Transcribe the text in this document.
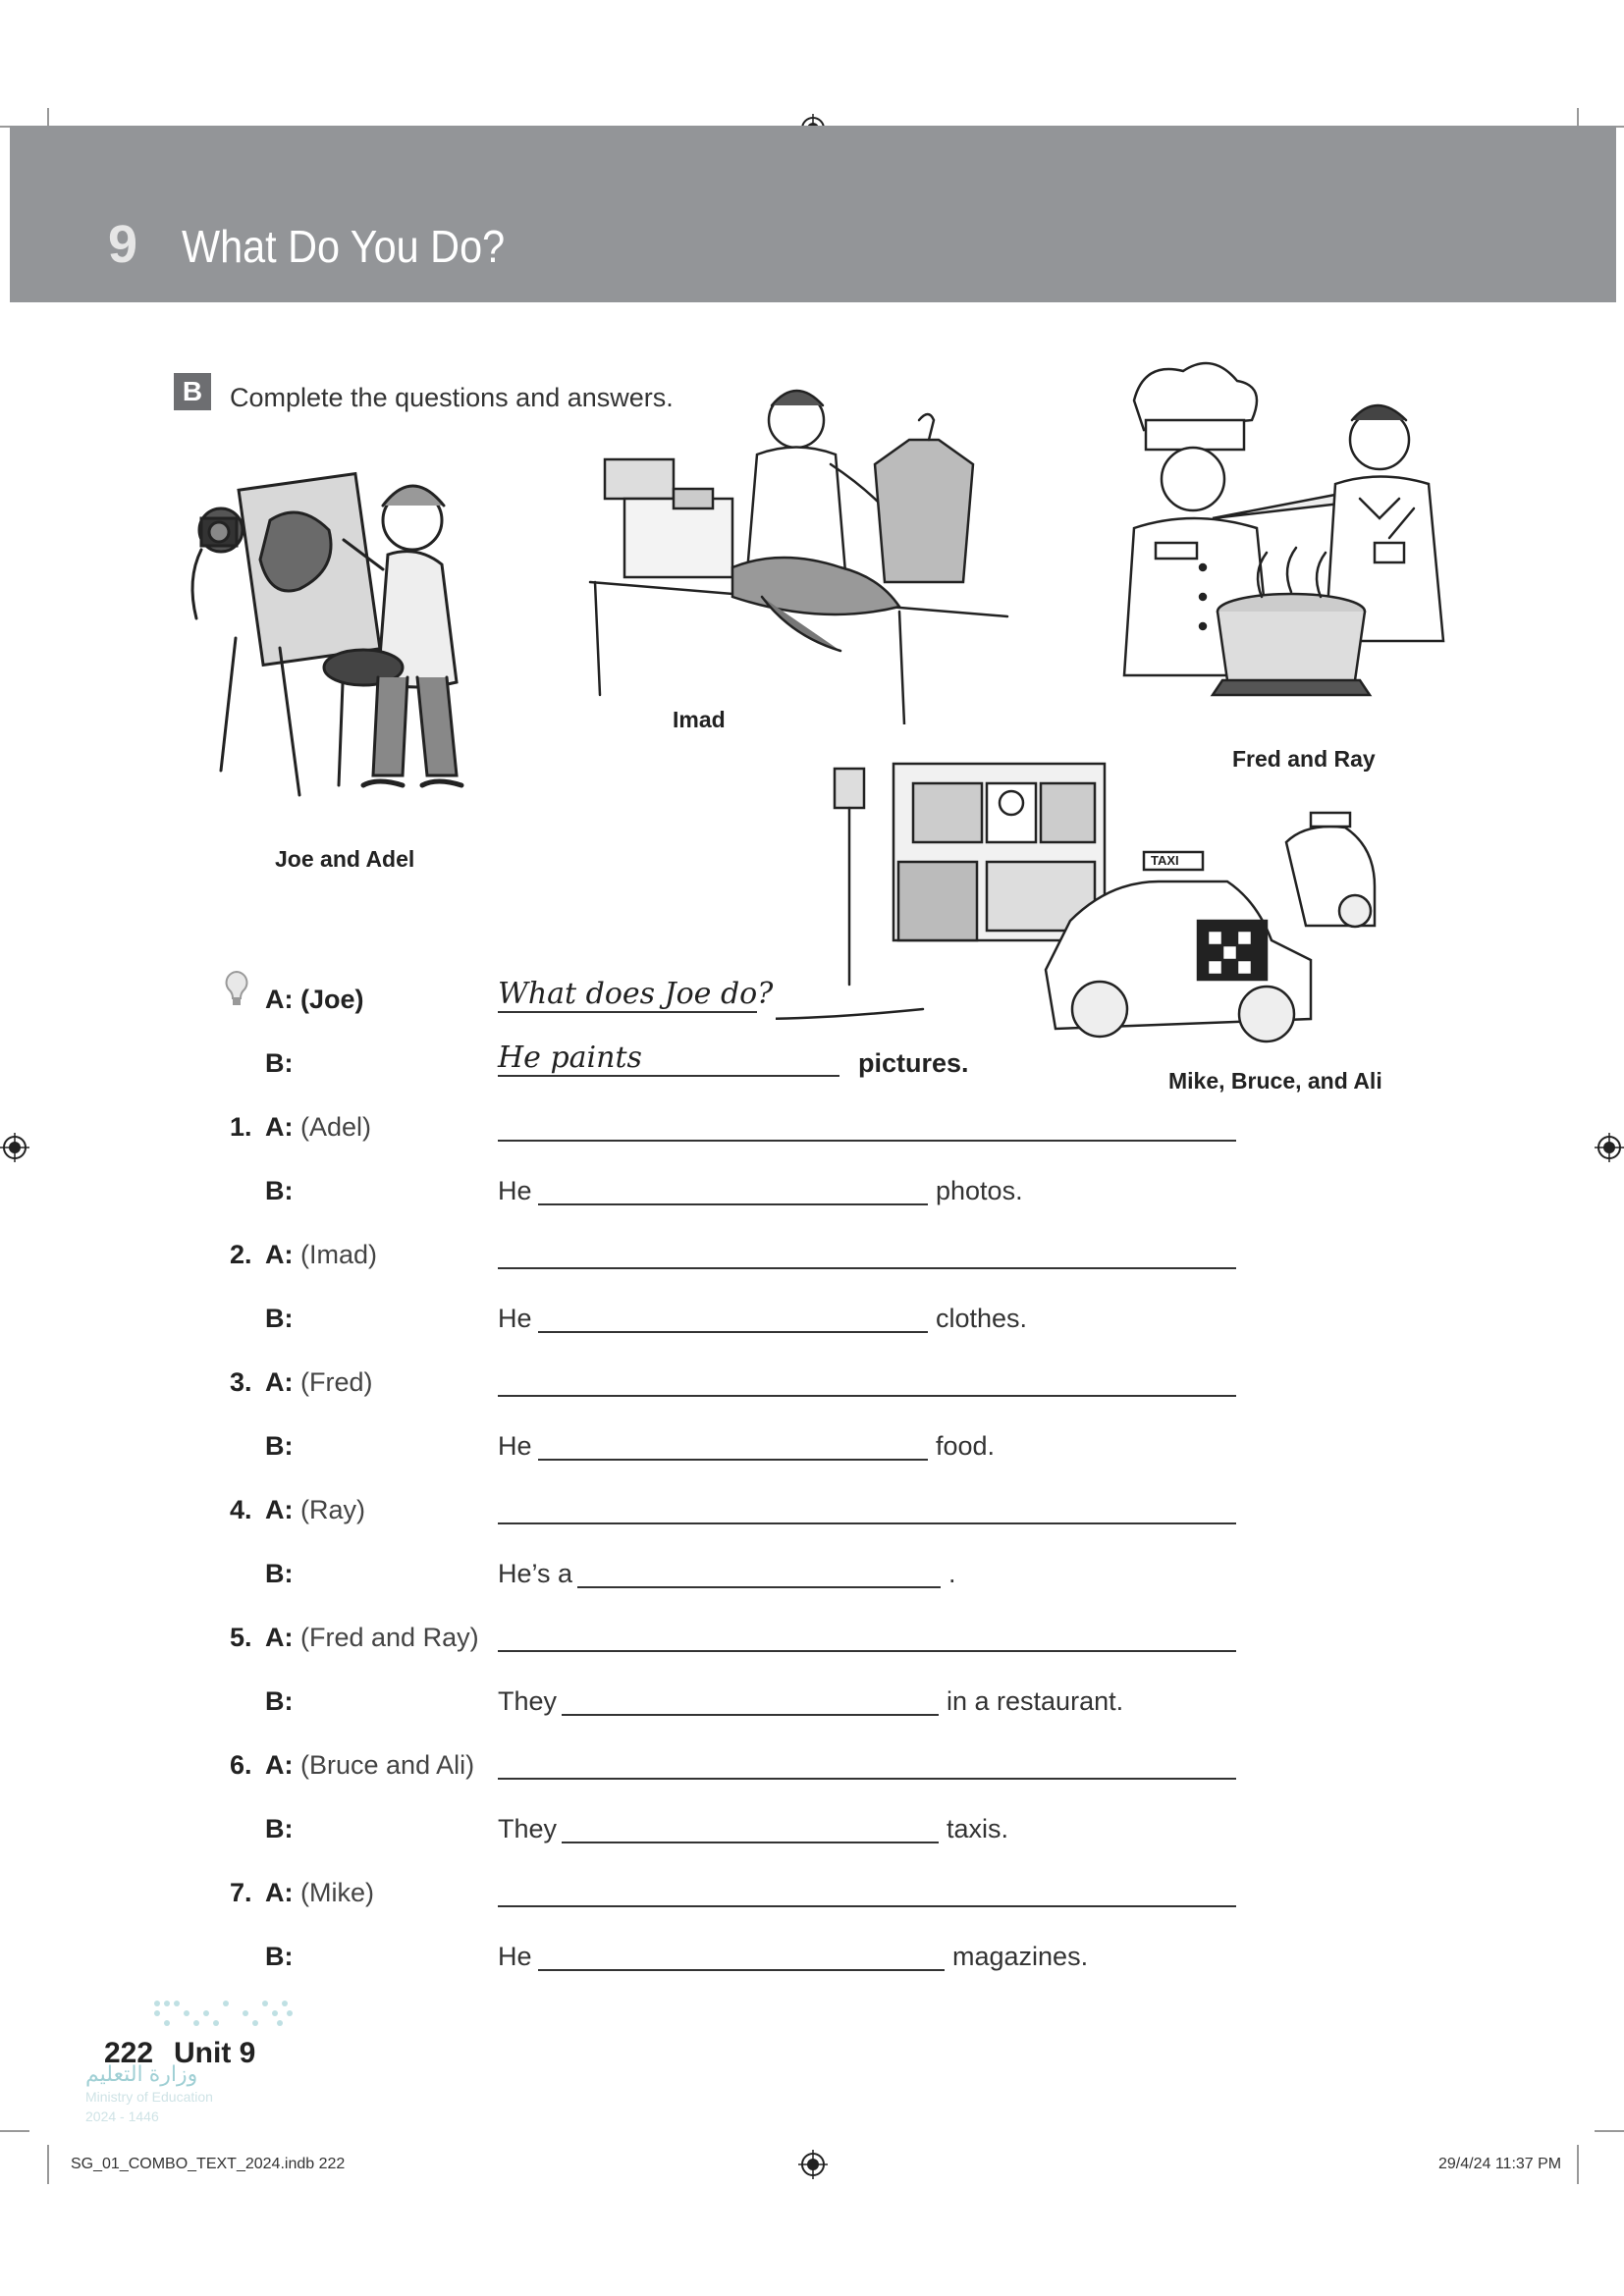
9 What Do You Do?
B	Complete the questions and answers.
Joe and Adel
Imad
Fred and Ray
TAXI
Mike, Bruce, and Ali
A: (Joe)	What does Joe do?
B:	He paints	pictures.
1. A: (Adel)
B:	He	photos.
2. A: (Imad)
B:	He	clothes.
3. A: (Fred)
B:	He	food.
4. A: (Ray)
B:	He’s a	.
5. A: (Fred and Ray)
B:	They	in a restaurant.
6. A: (Bruce and Ali)
B:	They	taxis.
7. A: (Mike)
B:	He	magazines.
222 Unit 9
وزارة التعليم
Ministry of Education
2024 - 1446
SG_01_COMBO_TEXT_2024.indb 222	29/4/24 11:37 PM
